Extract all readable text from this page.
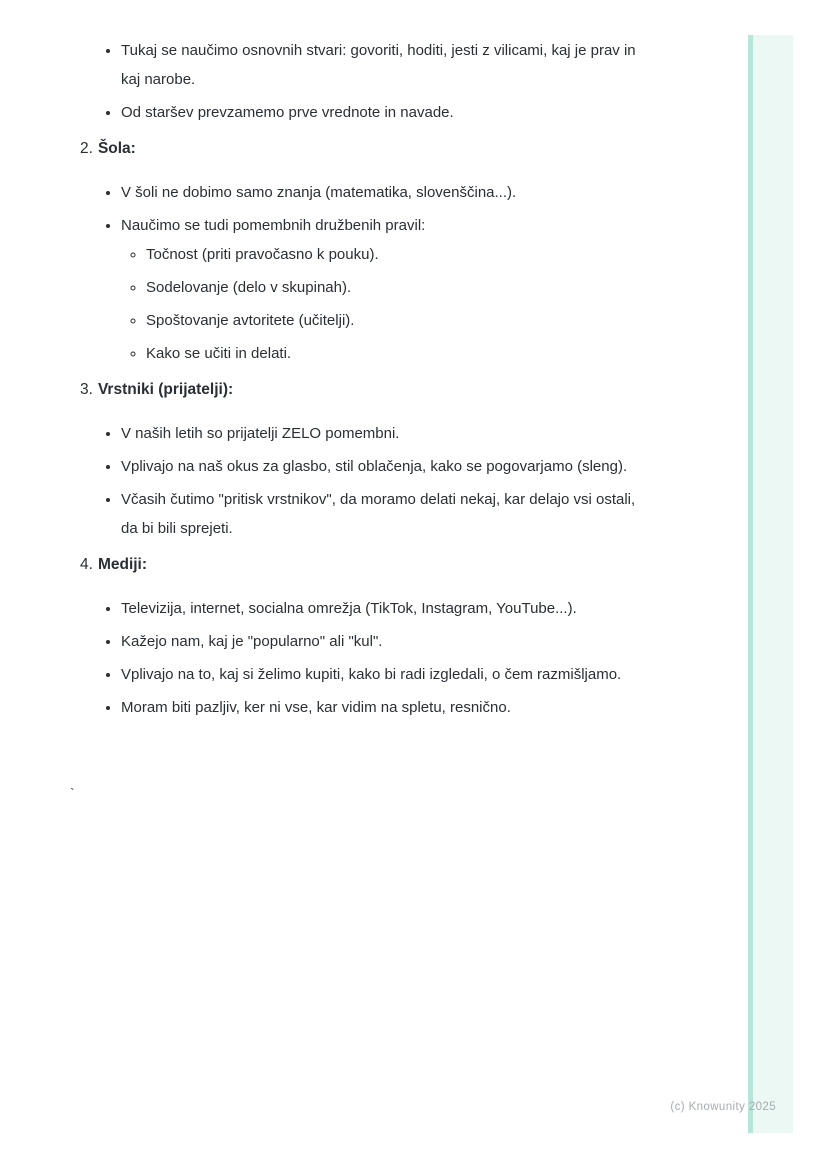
• Tukaj se naučimo osnovnih stvari: govoriti, hoditi, jesti z vilicami, kaj je prav in kaj narobe.
• Od staršev prevzamemo prve vrednote in navade.
2. Šola:
• V šoli ne dobimo samo znanja (matematika, slovenščina...).
• Naučimo se tudi pomembnih družbenih pravil:
◦ Točnost (priti pravočasno k pouku).
◦ Sodelovanje (delo v skupinah).
◦ Spoštovanje avtoritete (učitelji).
◦ Kako se učiti in delati.
3. Vrstniki (prijatelji):
• V naših letih so prijatelji ZELO pomembni.
• Vplivajo na naš okus za glasbo, stil oblačenja, kako se pogovarjamo (sleng).
• Včasih čutimo "pritisk vrstnikov", da moramo delati nekaj, kar delajo vsi ostali, da bi bili sprejeti.
4. Mediji:
• Televizija, internet, socialna omrežja (TikTok, Instagram, YouTube...).
• Kažejo nam, kaj je "popularno" ali "kul".
• Vplivajo na to, kaj si želimo kupiti, kako bi radi izgledali, o čem razmišljamo.
• Moram biti pazljiv, ker ni vse, kar vidim na spletu, resnično.
`
(c) Knowunity 2025
